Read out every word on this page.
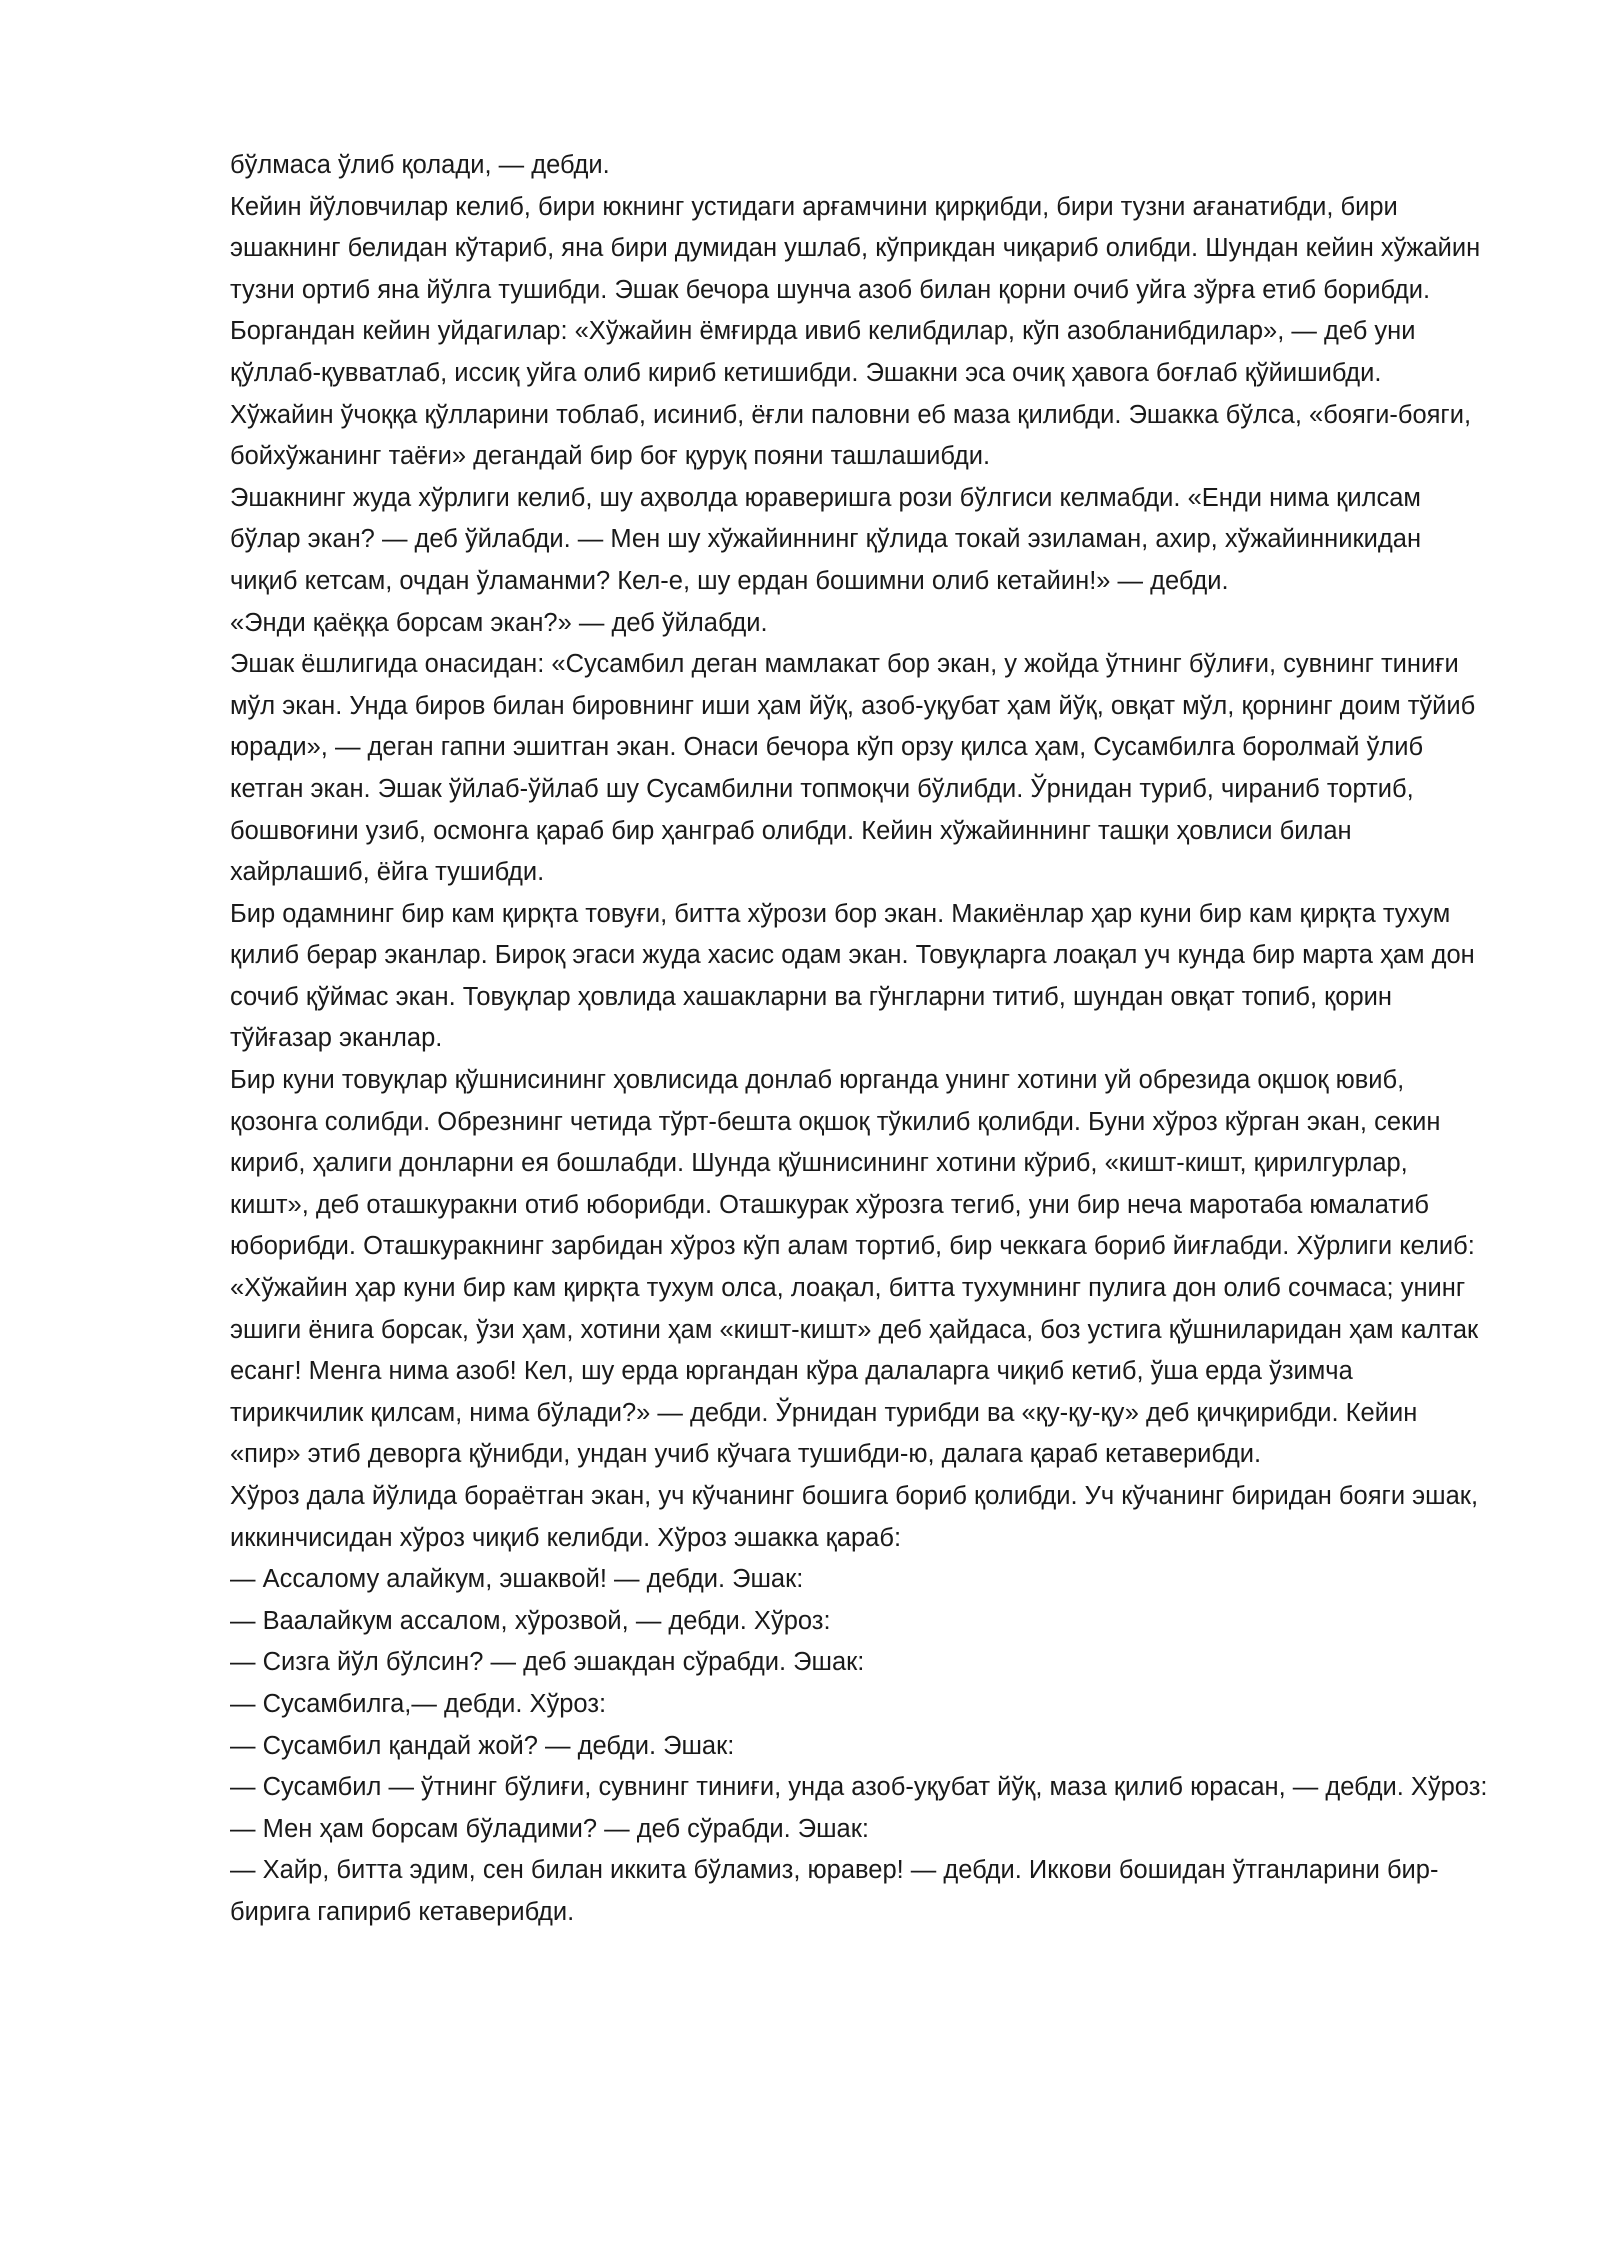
бўлмаса ўлиб қолади, — дебди.

Кейин йўловчилар келиб, бири юкнинг устидаги арғамчини қирқибди, бири тузни ағанатибди, бири эшакнинг белидан кўтариб, яна бири думидан ушлаб, кўприкдан чиқариб олибди. Шундан кейин хўжайин тузни ортиб яна йўлга тушибди. Эшак бечора шунча азоб билан қорни очиб уйга зўрға етиб борибди. Боргандан кейин уйдагилар: «Хўжайин ёмғирда ивиб келибдилар, кўп азобланибдилар», — деб уни қўллаб-қувватлаб, иссиқ уйга олиб кириб кетишибди. Эшакни эса очиқ ҳавога боғлаб қўйишибди. Хўжайин ўчоққа қўлларини тоблаб, исиниб, ёғли паловни еб маза қилибди. Эшакка бўлса, «бояги-бояги, бойхўжанинг таёғи» дегандай бир боғ қуруқ пояни ташлашибди.

Эшакнинг жуда хўрлиги келиб, шу аҳволда юраверишга рози бўлгиси келмабди. «Енди нима қилсам бўлар экан? — деб ўйлабди. — Мен шу хўжайиннинг қўлида токай эзиламан, ахир, хўжайинникидан чиқиб кетсам, очдан ўламанми? Кел-е, шу ердан бошимни олиб кетайин!» — дебди.

«Энди қаёққа борсам экан?» — деб ўйлабди.

Эшак ёшлигида онасидан: «Сусамбил деган мамлакат бор экан, у жойда ўтнинг бўлиғи, сувнинг тиниғи мўл экан. Унда биров билан бировнинг иши ҳам йўқ, азоб-уқубат ҳам йўқ, овқат мўл, қорнинг доим тўйиб юради», — деган гапни эшитган экан. Онаси бечора кўп орзу қилса ҳам, Сусамбилга боролмай ўлиб кетган экан. Эшак ўйлаб-ўйлаб шу Сусамбилни топмоқчи бўлибди. Ўрнидан туриб, чираниб тортиб, бошвоғини узиб, осмонга қараб бир ҳанграб олибди. Кейин хўжайиннинг ташқи ҳовлиси билан хайрлашиб, ёйга тушибди.

Бир одамнинг бир кам қирқта товуғи, битта хўрози бор экан. Макиёнлар ҳар куни бир кам қирқта тухум қилиб берар эканлар. Бироқ эгаси жуда хасис одам экан. Товуқларга лоақал уч кунда бир марта ҳам дон сочиб қўймас экан. Товуқлар ҳовлида хашакларни ва гўнгларни титиб, шундан овқат топиб, қорин тўйғазар эканлар.

Бир куни товуқлар қўшнисининг ҳовлисида донлаб юрганда унинг хотини уй обрезида оқшоқ ювиб, қозонга солибди. Обрезнинг четида тўрт-бешта оқшоқ тўкилиб қолибди. Буни хўроз кўрган экан, секин кириб, ҳалиги донларни ея бошлабди. Шунда қўшнисининг хотини кўриб, «кишт-кишт, қирилгурлар, кишт», деб оташкуракни отиб юборибди. Оташкурак хўрозга тегиб, уни бир неча маротаба юмалатиб юборибди. Оташкуракнинг зарбидан хўроз кўп алам тортиб, бир чеккага бориб йиғлабди. Хўрлиги келиб: «Хўжайин ҳар куни бир кам қирқта тухум олса, лоақал, битта тухумнинг пулига дон олиб сочмаса; унинг эшиги ёнига борсак, ўзи ҳам, хотини ҳам «кишт-кишт» деб ҳайдаса, боз устига қўшниларидан ҳам калтак есанг! Менга нима азоб! Кел, шу ерда юргандан кўра далаларга чиқиб кетиб, ўша ерда ўзимча тирикчилик қилсам, нима бўлади?» — дебди. Ўрнидан турибди ва «қу-қу-қу» деб қичқирибди. Кейин «пир» этиб деворга қўнибди, ундан учиб кўчага тушибди-ю, далага қараб кетаверибди.

Хўроз дала йўлида бораётган экан, уч кўчанинг бошига бориб қолибди. Уч кўчанинг биридан бояги эшак, иккинчисидан хўроз чиқиб келибди. Хўроз эшакка қараб:

— Ассалому алайкум, эшаквой! — дебди. Эшак:

— Ваалайкум ассалом, хўрозвой, — дебди. Хўроз:

— Сизга йўл бўлсин? — деб эшакдан сўрабди. Эшак:

— Сусамбилга,— дебди. Хўроз:

— Сусамбил қандай жой? — дебди. Эшак:

— Сусамбил — ўтнинг бўлиғи, сувнинг тиниғи, унда азоб-уқубат йўқ, маза қилиб юрасан, — дебди. Хўроз:

— Мен ҳам борсам бўладими? — деб сўрабди. Эшак:

— Хайр, битта эдим, сен билан иккита бўламиз, юравер! — дебди. Иккови бошидан ўтганларини бир-бирига гапириб кетаверибди.
